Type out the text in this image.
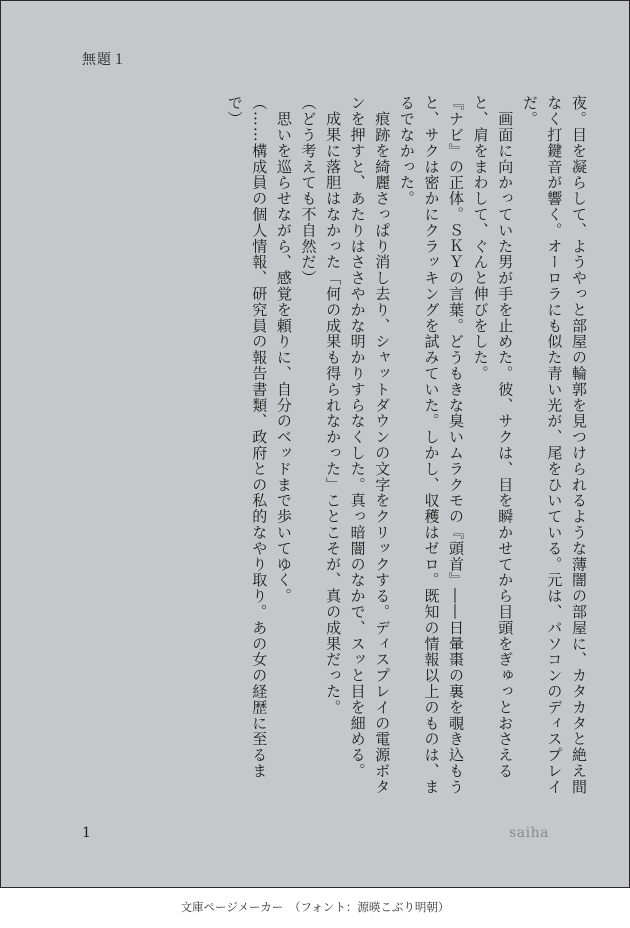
無題１

夜。目を凝らして、ようやっと部屋の輪郭を見つけられるような薄闇の部屋に、カタカタと絶え間なく打鍵音が響く。オーロラにも似た青い光が、尾をひいている。元は、パソコンのディスプレイだ。

　画面に向かっていた男が手を止めた。彼、サクは、目を瞬かせてから目頭をぎゅっとおさえると、肩をまわして、ぐんと伸びをした。

『ナビ』の正体。ＳＫＹの言葉。どうもきな臭いムラクモの『頭首』――日暈棗の裏を覗き込もうと、サクは密かにクラッキングを試みていた。しかし、収穫はゼロ。既知の情報以上のものは、まるでなかった。

　痕跡を綺麗さっぱり消し去り、シャットダウンの文字をクリックする。ディスプレイの電源ボタンを押すと、あたりはささやかな明かりすらなくした。真っ暗闇のなかで、スッと目を細める。

　成果に落胆はなかった「何の成果も得られなかった」ことこそが、真の成果だった。

（どう考えても不自然だ）

　思いを巡らせながら、感覚を頼りに、自分のベッドまで歩いてゆく。

（……構成員の個人情報、研究員の報告書類、政府との私的なやり取り。あの女の経歴に至るまで）

1	saiha
文庫ページメーカー　（フォント：源暎こぶり明朝）
